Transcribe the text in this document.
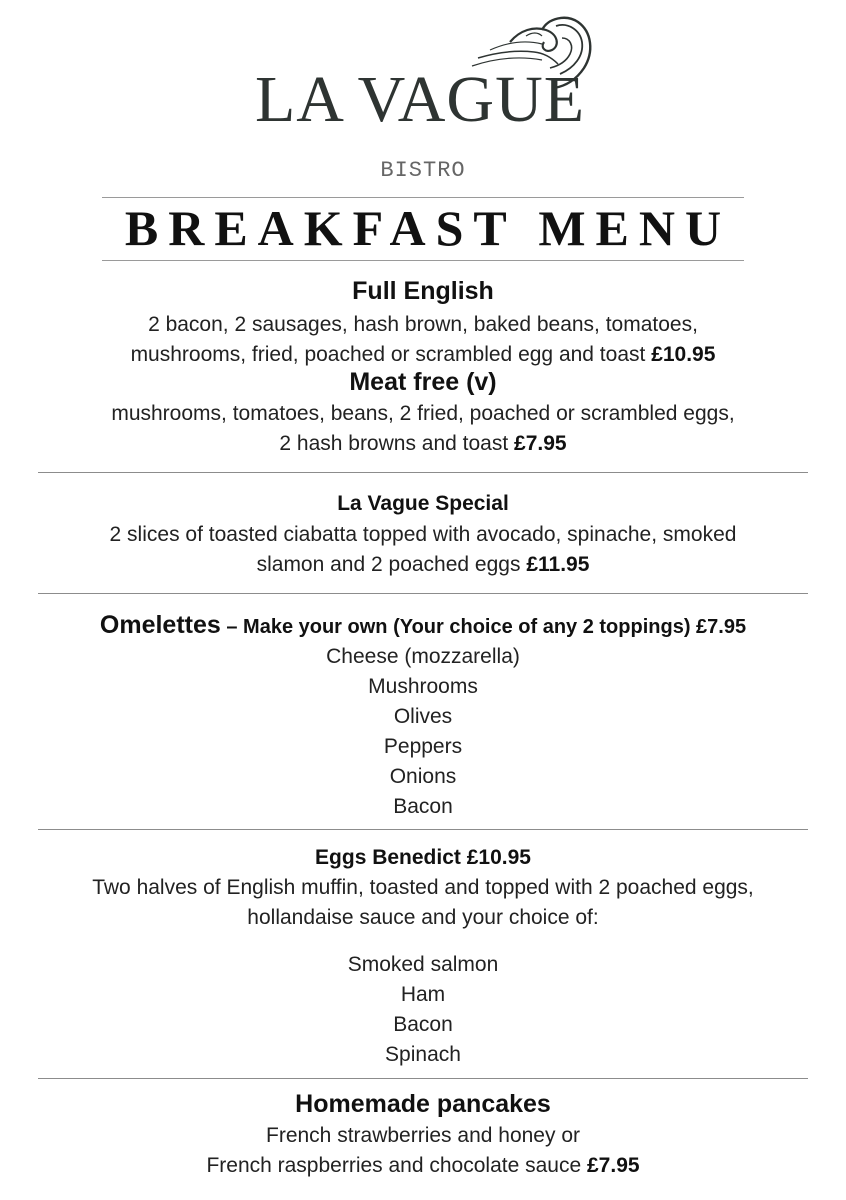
LA VAGUE
BISTRO
BREAKFAST MENU
Full English
2 bacon, 2 sausages, hash brown, baked beans, tomatoes,
mushrooms, fried, poached or scrambled egg and toast £10.95
Meat free (v)
mushrooms, tomatoes, beans, 2 fried, poached or scrambled eggs,
2 hash browns and toast £7.95
La Vague Special
2 slices of toasted ciabatta topped with avocado, spinache, smoked
slamon and 2 poached eggs £11.95
Omelettes – Make your own (Your choice of any 2 toppings) £7.95
Cheese (mozzarella)
Mushrooms
Olives
Peppers
Onions
Bacon
Eggs Benedict £10.95
Two halves of English muffin, toasted and topped with 2 poached eggs,
hollandaise sauce and your choice of:
Smoked salmon
Ham
Bacon
Spinach
Homemade pancakes
French strawberries and honey or
French raspberries and chocolate sauce £7.95
